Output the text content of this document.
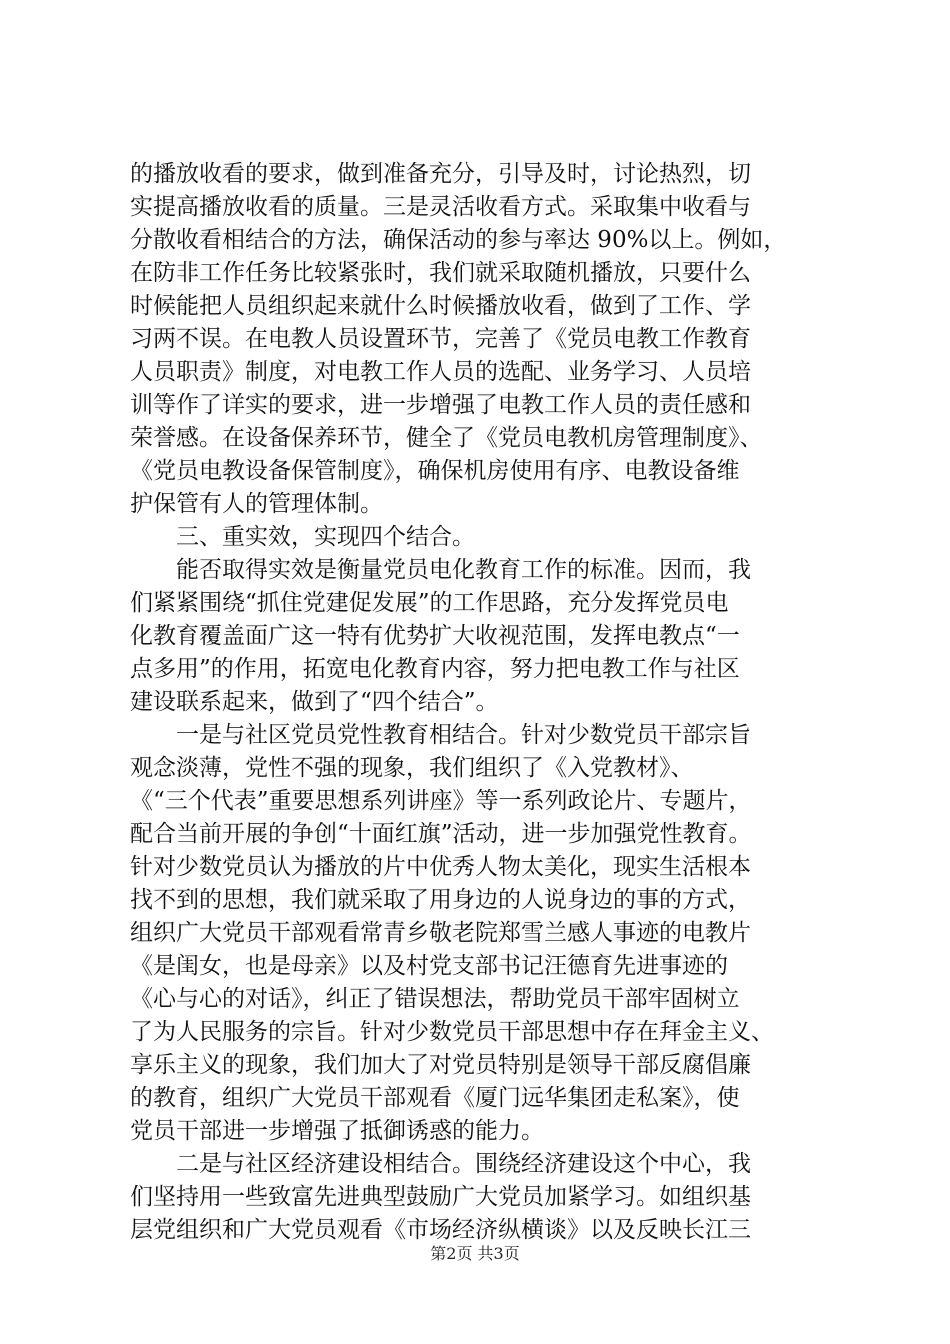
的播放收看的要求，做到准备充分，引导及时，讨论热烈，切
实提高播放收看的质量。三是灵活收看方式。采取集中收看与
分散收看相结合的方法，确保活动的参与率达 90%以上。例如，
在防非工作任务比较紧张时，我们就采取随机播放，只要什么
时候能把人员组织起来就什么时候播放收看，做到了工作、学
习两不误。在电教人员设置环节，完善了《党员电教工作教育
人员职责》制度，对电教工作人员的选配、业务学习、人员培
训等作了详实的要求，进一步增强了电教工作人员的责任感和
荣誉感。在设备保养环节，健全了《党员电教机房管理制度》、
《党员电教设备保管制度》，确保机房使用有序、电教设备维
护保管有人的管理体制。
　　三、重实效，实现四个结合。
　　能否取得实效是衡量党员电化教育工作的标准。因而，我
们紧紧围绕“抓住党建促发展”的工作思路，充分发挥党员电
化教育覆盖面广这一特有优势扩大收视范围，发挥电教点“一
点多用”的作用，拓宽电化教育内容，努力把电教工作与社区
建设联系起来，做到了“四个结合”。
　　一是与社区党员党性教育相结合。针对少数党员干部宗旨
观念淡薄，党性不强的现象，我们组织了《入党教材》、
《“三个代表”重要思想系列讲座》等一系列政论片、专题片，
配合当前开展的争创“十面红旗”活动，进一步加强党性教育。
针对少数党员认为播放的片中优秀人物太美化，现实生活根本
找不到的思想，我们就采取了用身边的人说身边的事的方式，
组织广大党员干部观看常青乡敬老院郑雪兰感人事迹的电教片
《是闺女，也是母亲》以及村党支部书记汪德育先进事迹的
《心与心的对话》，纠正了错误想法，帮助党员干部牢固树立
了为人民服务的宗旨。针对少数党员干部思想中存在拜金主义、
享乐主义的现象，我们加大了对党员特别是领导干部反腐倡廉
的教育，组织广大党员干部观看《厦门远华集团走私案》，使
党员干部进一步增强了抵御诱惑的能力。
　　二是与社区经济建设相结合。围绕经济建设这个中心，我
们坚持用一些致富先进典型鼓励广大党员加紧学习。如组织基
层党组织和广大党员观看《市场经济纵横谈》以及反映长江三
第2页 共3页
